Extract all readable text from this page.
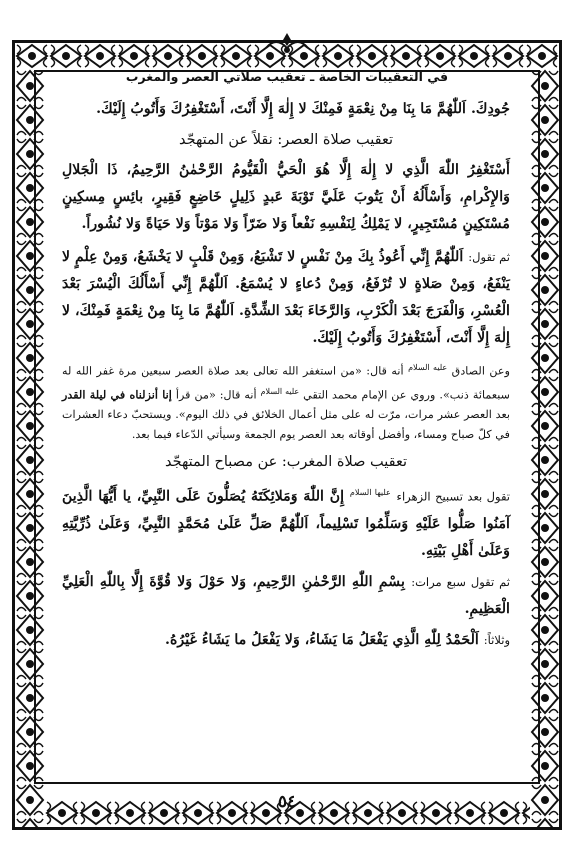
في التعقيبات الخاصة ـ تعقيب صلاتي العصر والمغرب

جُودِكَ. اَللّٰهُمَّ مَا بِنَا مِنْ نِعْمَةٍ فَمِنْكَ لا إِلٰهَ إِلَّا أَنْتَ، أَسْتَغْفِرُكَ وَأَتُوبُ إِلَيْكَ.

تعقيب صلاة العصر: نقلاً عن المتهجّد

أَسْتَغْفِرُ اللّٰهَ الَّذِي لا إِلٰهَ إِلَّا هُوَ الْحَيُّ الْقَيُّومُ الرَّحْمٰنُ الرَّحِيمُ، ذَا الْجَلالِ وَالإِكْرامِ، وَأَسْأَلُهُ أَنْ يَتُوبَ عَلَيَّ تَوْبَةَ عَبدٍ ذَلِيلٍ خَاضِعٍ فَقِيرٍ، بائِسٍ مِسكِينٍ مُسْتَكِينٍ مُسْتَجِيرٍ، لا يَمْلِكُ لِنَفْسِهِ نَفْعاً وَلا ضَرّاً وَلا مَوْتاً وَلا حَيَاةً وَلا نُشُوراً.

ثم تقول: اَللّٰهُمَّ إِنِّي أَعُوذُ بِكَ مِنْ نَفْسٍ لا تَشْبَعُ، وَمِنْ قَلْبٍ لا يَخْشَعُ، وَمِنْ عِلْمٍ لا يَنْفَعُ، وَمِنْ صَلاةٍ لا تُرْفَعُ، وَمِنْ دُعاءٍ لا يُسْمَعُ. اَللّٰهُمَّ إِنِّي أَسْأَلُكَ الْيُسْرَ بَعْدَ الْعُسْرِ، وَالْفَرَجَ بَعْدَ الْكَرْبِ، وَالرَّخَاءَ بَعْدَ الشِّدَّةِ. اَللّٰهُمَّ مَا بِنَا مِنْ نِعْمَةٍ فَمِنْكَ، لا إِلٰهَ إِلَّا أَنْتَ، أَسْتَغْفِرُكَ وَأَتُوبُ إِلَيْكَ.

وعن الصادق $^{عليه السلام}$ أنه قال: «من استغفر الله تعالى بعد صلاة العصر سبعين مرة غفر الله له سبعمائة ذنب». وروي عن الإمام محمد التقي $^{عليه السلام}$ أنه قال: «من قرأ إنا أنزلناه في ليلة القدر بعد العصر عشر مرات، مرّت له على مثل أعمال الخلائق في ذلك اليوم». ويستحبّ دعاء العشرات في كلّ صباح ومساء، وأفضل أوقاته بعد العصر يوم الجمعة وسيأتي الدّعاء فيما بعد.

تعقيب صلاة المغرب: عن مصباح المتهجّد

تقول بعد تسبيح الزهراء $^{عليها السلام}$ إِنَّ اللّٰهَ وَمَلائِكَتَهُ يُصَلُّونَ عَلَى النَّبِيِّ، يا أَيُّهَا الَّذِينَ آمَنُوا صَلُّوا عَلَيْهِ وَسَلِّمُوا تَسْلِيماً، اَللّٰهُمَّ صَلِّ عَلَىٰ مُحَمَّدٍ النَّبِيِّ، وَعَلَىٰ ذُرِّيَّتِهِ وَعَلَىٰ أَهْلِ بَيْتِهِ.

ثم تقول سبع مرات: بِسْمِ اللّٰهِ الرَّحْمٰنِ الرَّحِيمِ، وَلا حَوْلَ وَلا قُوَّةَ إِلَّا بِاللّٰهِ الْعَلِيِّ الْعَظِيمِ.

وثلاثاً: اَلْحَمْدُ لِلّٰهِ الَّذِي يَفْعَلُ مَا يَشَاءُ، وَلا يَفْعَلُ ما يَشَاءُ غَيْرُهُ.

٥٤
